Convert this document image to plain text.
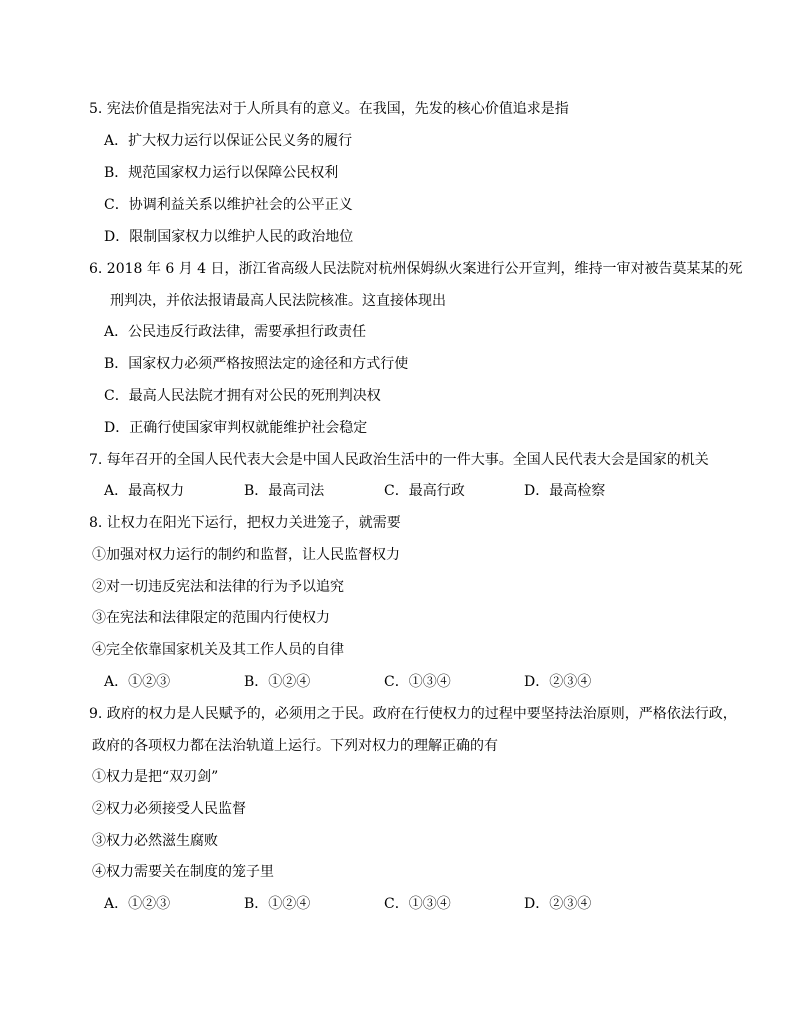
5. 宪法价值是指宪法对于人所具有的意义。在我国，先发的核心价值追求是指
A．扩大权力运行以保证公民义务的履行
B．规范国家权力运行以保障公民权利
C．协调利益关系以维护社会的公平正义
D．限制国家权力以维护人民的政治地位
6. 2018 年 6 月 4 日，浙江省高级人民法院对杭州保姆纵火案进行公开宣判，维持一审对被告莫某某的死
刑判决，并依法报请最高人民法院核准。这直接体现出
A．公民违反行政法律，需要承担行政责任
B．国家权力必须严格按照法定的途径和方式行使
C．最高人民法院才拥有对公民的死刑判决权
D．正确行使国家审判权就能维护社会稳定
7. 每年召开的全国人民代表大会是中国人民政治生活中的一件大事。全国人民代表大会是国家的机关
A．最高权力	B．最高司法	C．最高行政	D．最高检察
8. 让权力在阳光下运行，把权力关进笼子，就需要
①加强对权力运行的制约和监督，让人民监督权力
②对一切违反宪法和法律的行为予以追究
③在宪法和法律限定的范围内行使权力
④完全依靠国家机关及其工作人员的自律
A．①②③	B．①②④	C．①③④	D．②③④
9. 政府的权力是人民赋予的，必须用之于民。政府在行使权力的过程中要坚持法治原则，严格依法行政，
政府的各项权力都在法治轨道上运行。下列对权力的理解正确的有
①权力是把“双刃剑”
②权力必须接受人民监督
③权力必然滋生腐败
④权力需要关在制度的笼子里
A．①②③	B．①②④	C．①③④	D．②③④
